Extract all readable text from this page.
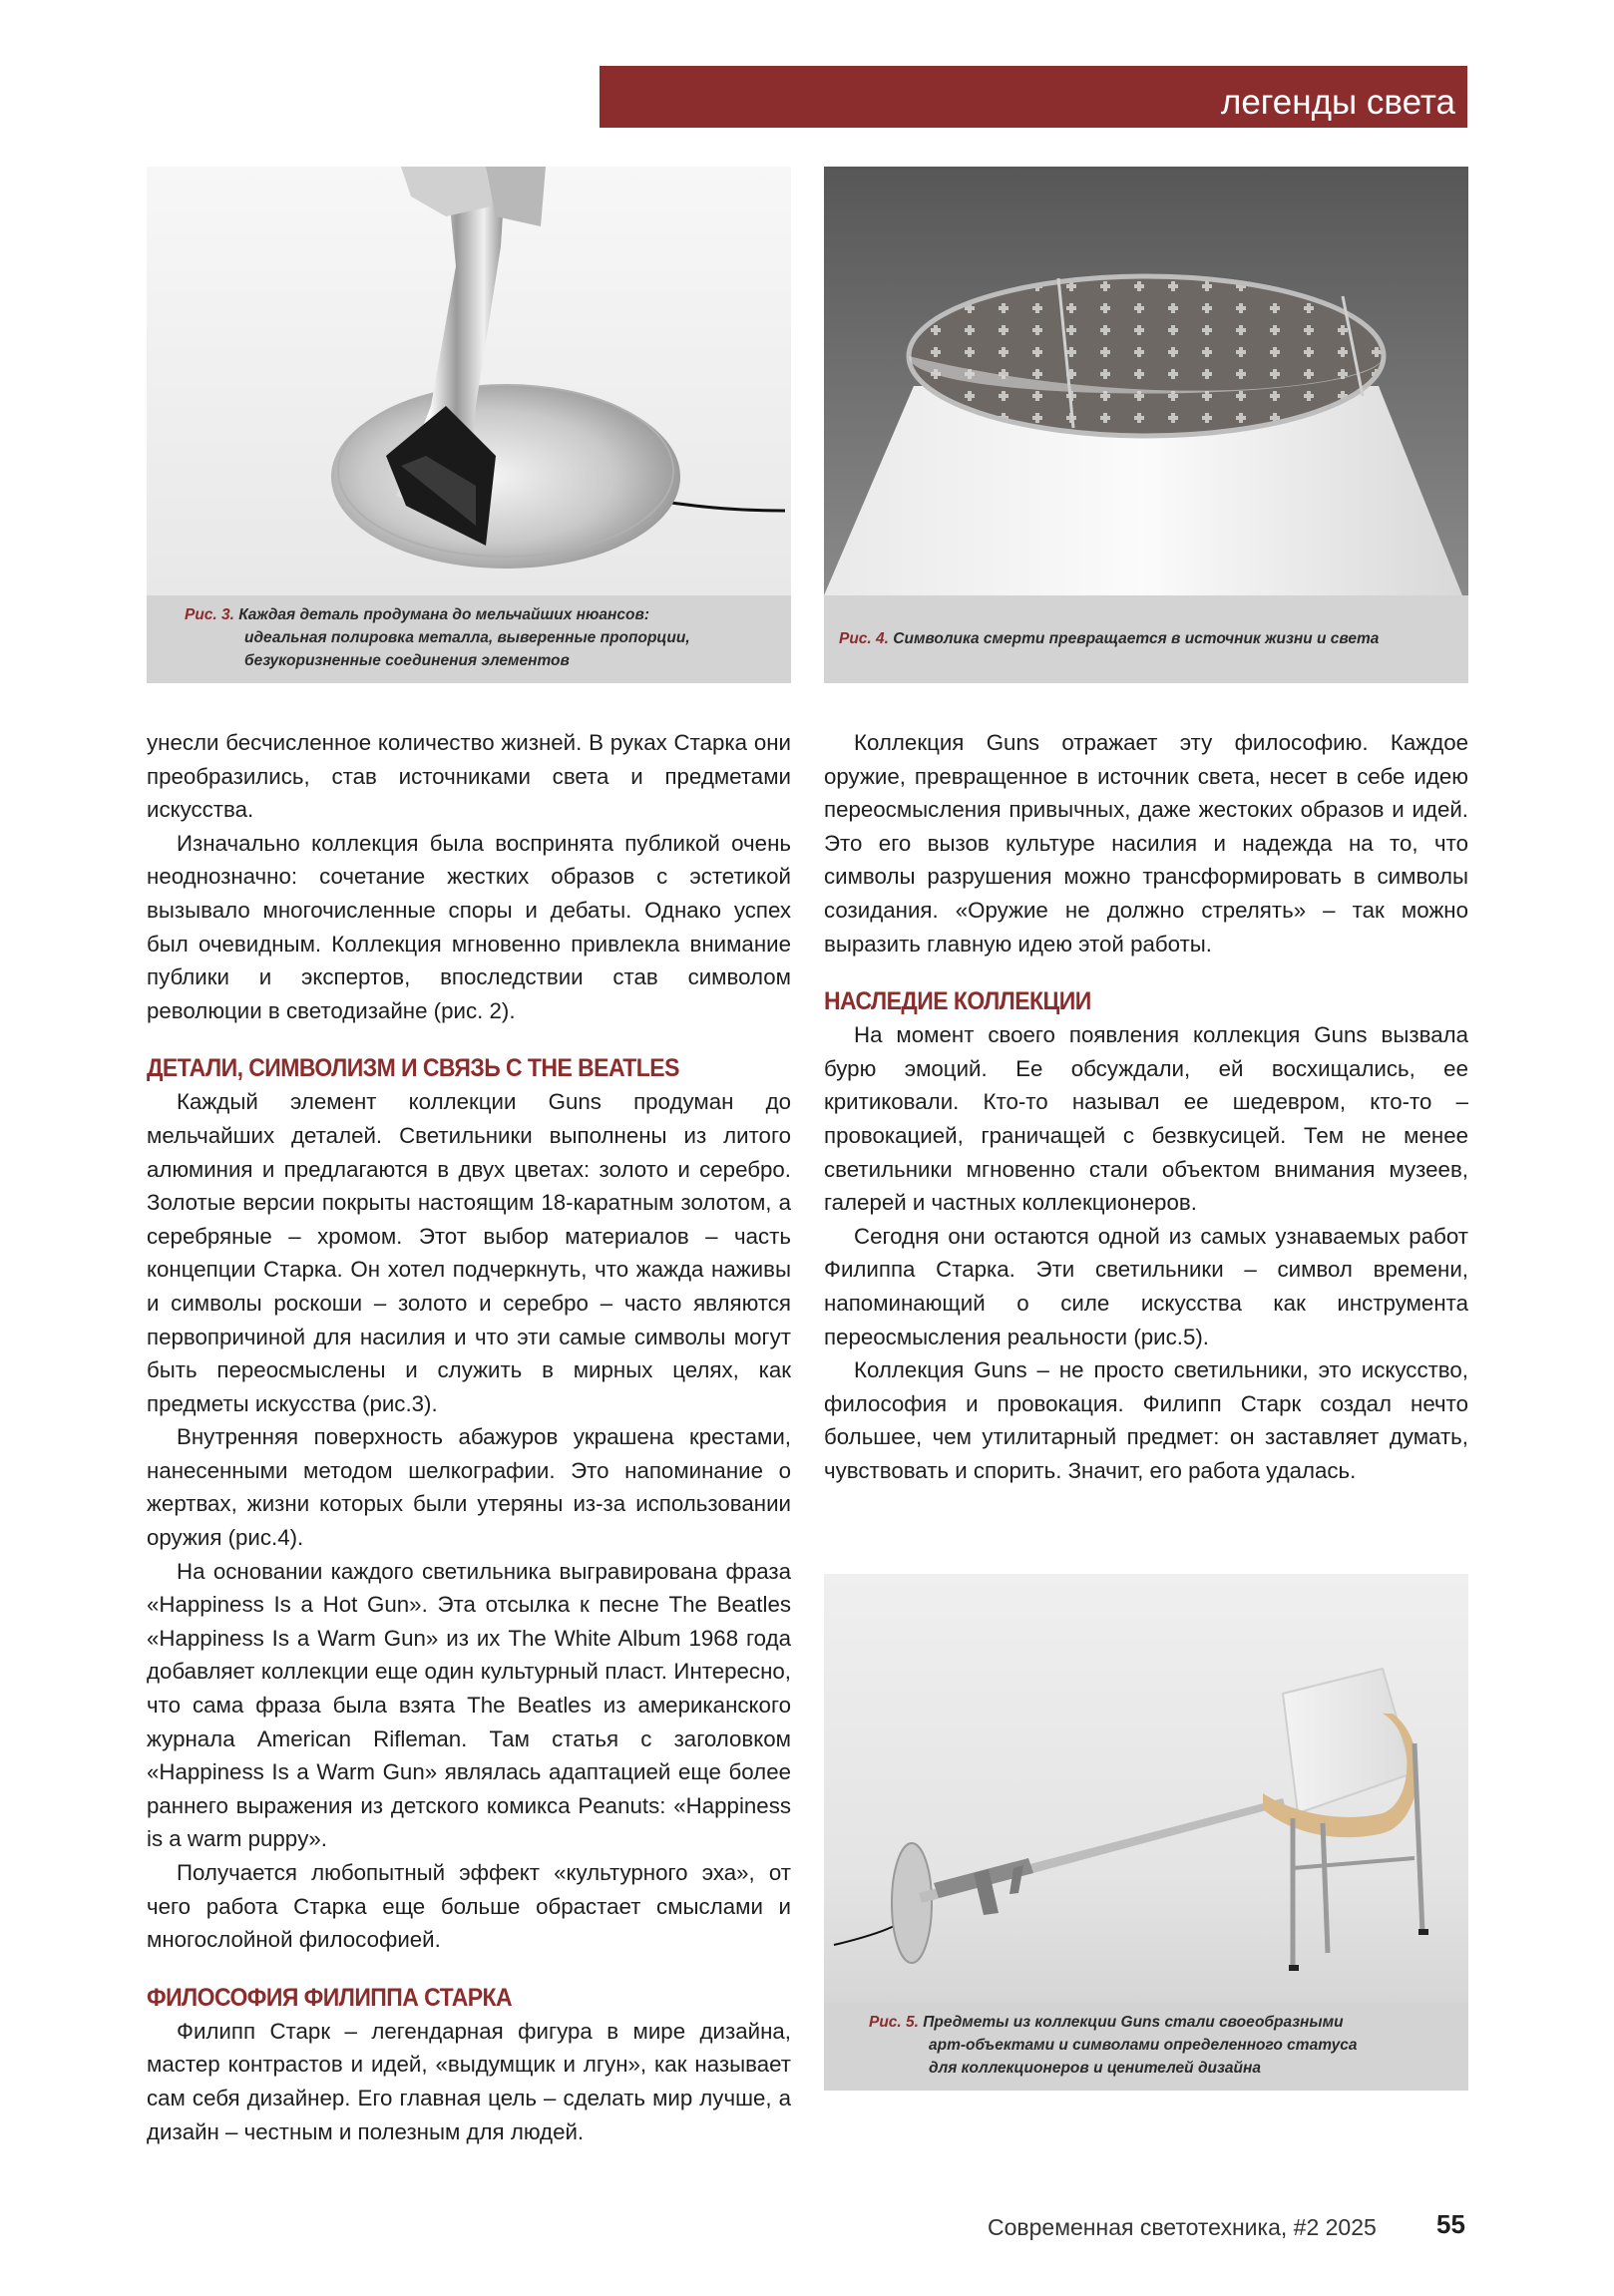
легенды света
Рис. 3. Каждая деталь продумана до мельчайших нюансов:
идеальная полировка металла, выверенные пропорции,
безукоризненные соединения элементов
Рис. 4. Символика смерти превращается в источник жизни и света

унесли бесчисленное количество жизней. В руках Старка они преобразились, став источниками света и предметами искусства.

Изначально коллекция была воспринята публикой очень неоднозначно: сочетание жестких образов с эстетикой вызывало многочисленные споры и дебаты. Однако успех был очевидным. Коллекция мгновенно привлекла внимание публики и экспертов, впоследствии став символом революции в светодизайне (рис. 2).

ДЕТАЛИ, СИМВОЛИЗМ И СВЯЗЬ С THE BEATLES

Каждый элемент коллекции Guns продуман до мельчайших деталей. Светильники выполнены из литого алюминия и предлагаются в двух цветах: золото и серебро. Золотые версии покрыты настоящим 18-каратным золотом, а серебряные – хромом. Этот выбор материалов – часть концепции Старка. Он хотел подчеркнуть, что жажда наживы и символы роскоши – золото и серебро – часто являются первопричиной для насилия и что эти самые символы могут быть переосмыслены и служить в мирных целях, как предметы искусства (рис.3).

Внутренняя поверхность абажуров украшена крестами, нанесенными методом шелкографии. Это напоминание о жертвах, жизни которых были утеряны из-за использовании оружия (рис.4).

На основании каждого светильника выгравирована фраза «Happiness Is a Hot Gun». Эта отсылка к песне The Beatles «Happiness Is a Warm Gun» из их The White Album 1968 года добавляет коллекции еще один культурный пласт. Интересно, что сама фраза была взята The Beatles из американского журнала American Rifleman. Там статья с заголовком «Happiness Is a Warm Gun» являлась адаптацией еще более раннего выражения из детского комикса Peanuts: «Happiness is a warm puppy».

Получается любопытный эффект «культурного эха», от чего работа Старка еще больше обрастает смыслами и многослойной философией.

ФИЛОСОФИЯ ФИЛИППА СТАРКА

Филипп Старк – легендарная фигура в мире дизайна, мастер контрастов и идей, «выдумщик и лгун», как называет сам себя дизайнер. Его главная цель – сделать мир лучше, а дизайн – честным и полезным для людей.

Коллекция Guns отражает эту философию. Каждое оружие, превращенное в источник света, несет в себе идею переосмысления привычных, даже жестоких образов и идей. Это его вызов культуре насилия и надежда на то, что символы разрушения можно трансформировать в символы созидания. «Оружие не должно стрелять» – так можно выразить главную идею этой работы.

НАСЛЕДИЕ КОЛЛЕКЦИИ

На момент своего появления коллекция Guns вызвала бурю эмоций. Ее обсуждали, ей восхищались, ее критиковали. Кто-то называл ее шедевром, кто-то – провокацией, граничащей с безвкусицей. Тем не менее светильники мгновенно стали объектом внимания музеев, галерей и частных коллекционеров.

Сегодня они остаются одной из самых узнаваемых работ Филиппа Старка. Эти светильники – символ времени, напоминающий о силе искусства как инструмента переосмысления реальности (рис.5).

Коллекция Guns – не просто светильники, это искусство, философия и провокация. Филипп Старк создал нечто большее, чем утилитарный предмет: он заставляет думать, чувствовать и спорить. Значит, его работа удалась.

Рис. 5. Предметы из коллекции Guns стали своеобразными
арт-объектами и символами определенного статуса
для коллекционеров и ценителей дизайна
Современная светотехника, #2 2025 55
